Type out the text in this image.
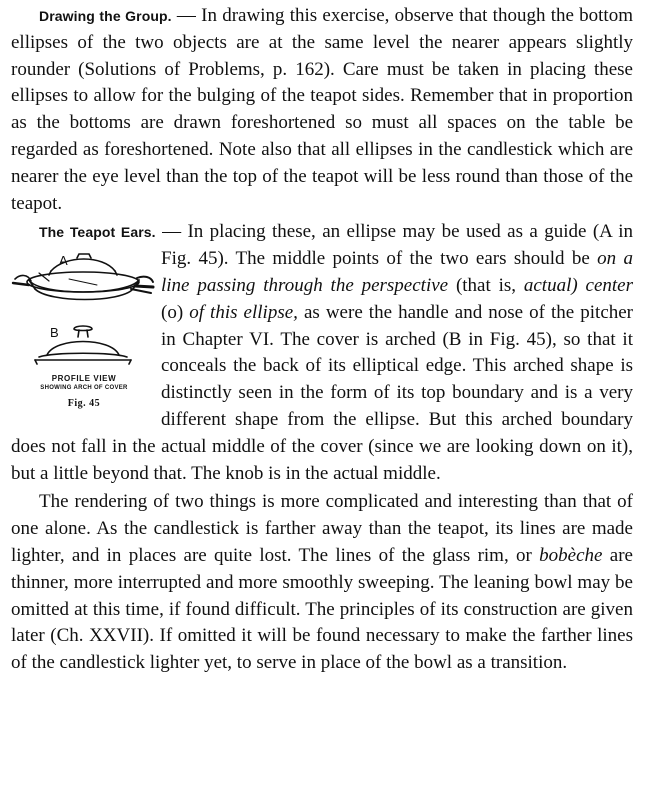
Drawing the Group. — In drawing this exercise, observe that though the bottom ellipses of the two objects are at the same level the nearer appears slightly rounder (Solutions of Problems, p. 162). Care must be taken in placing these ellipses to allow for the bulging of the teapot sides. Remember that in proportion as the bottoms are drawn foreshortened so must all spaces on the table be regarded as foreshortened. Note also that all ellipses in the candlestick which are nearer the eye level than the top of the teapot will be less round than those of the teapot.

The Teapot Ears. — In placing these, an ellipse may be used as a guide (A in Fig. 45). The middle points of the two ears should be
A
B
PROFILE VIEW
SHOWING ARCH OF COVER
Fig. 45
on a line passing through the perspective (that is, actual) center (o) of this ellipse, as were the handle and nose of the pitcher in Chapter VI. The cover is arched (B in Fig. 45), so that it conceals the back of its elliptical edge. This arched shape is distinctly seen in the form of its top boundary and is a very different shape from the ellipse. But this arched boundary does not fall in the actual middle of the cover (since we are looking down on it), but a little beyond that. The knob is in the actual middle.

The rendering of two things is more complicated and interesting than that of one alone. As the candlestick is farther away than the teapot, its lines are made lighter, and in places are quite lost. The lines of the glass rim, or bobèche are thinner, more interrupted and more smoothly sweeping. The leaning bowl may be omitted at this time, if found difficult. The principles of its construction are given later (Ch. XXVII). If omitted it will be found necessary to make the farther lines of the candlestick lighter yet, to serve in place of the bowl as a transition.
